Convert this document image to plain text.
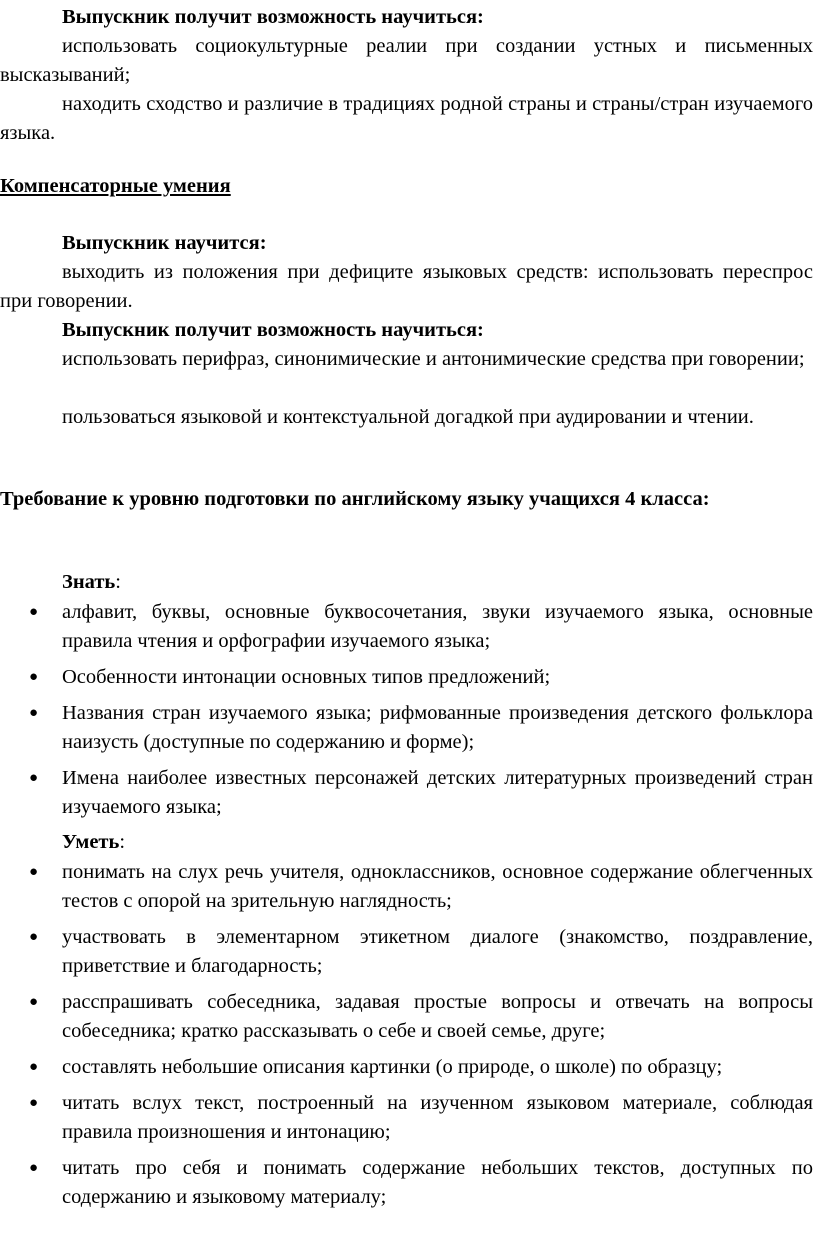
Выпускник получит возможность научиться:

использовать социокультурные реалии при создании устных и письменных высказываний;

находить сходство и различие в традициях родной страны и страны/стран изучаемого языка.

Компенсаторные умения

Выпускник научится:

выходить из положения при дефиците языковых средств: использовать переспрос при говорении.

Выпускник получит возможность научиться:

использовать перифраз, синонимические и антонимические средства при говорении;

пользоваться языковой и контекстуальной догадкой при аудировании и чтении.

Требование к уровню подготовки по английскому языку учащихся 4 класса:

Знать:

● алфавит, буквы, основные буквосочетания, звуки изучаемого языка, основные правила чтения и орфографии изучаемого языка;
● Особенности интонации основных типов предложений;
● Названия стран изучаемого языка; рифмованные произведения детского фольклора наизусть (доступные по содержанию и форме);
● Имена наиболее известных персонажей детских литературных произведений стран изучаемого языка;

Уметь:

● понимать на слух речь учителя, одноклассников, основное содержание облегченных тестов с опорой на зрительную наглядность;
● участвовать в элементарном этикетном диалоге (знакомство, поздравление, приветствие и благодарность;
● расспрашивать собеседника, задавая простые вопросы и отвечать на вопросы собеседника; кратко рассказывать о себе и своей семье, друге;
● составлять небольшие описания картинки (о природе, о школе) по образцу;
● читать вслух текст, построенный на изученном языковом материале, соблюдая правила произношения и интонацию;
● читать про себя и понимать содержание небольших текстов, доступных по содержанию и языковому материалу;
